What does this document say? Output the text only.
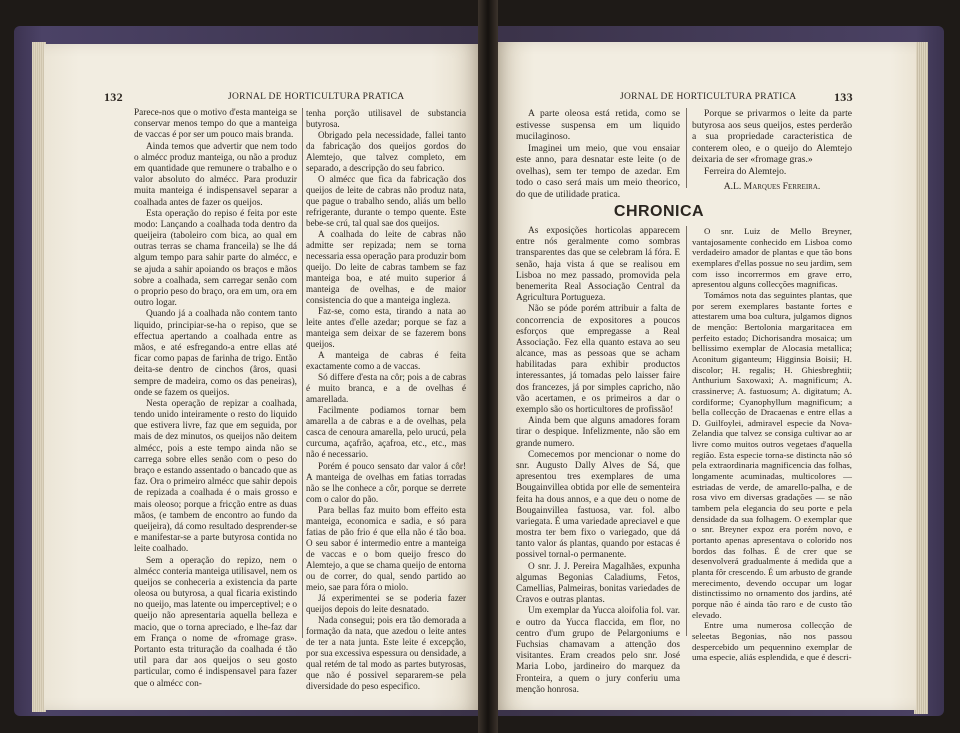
132	JORNAL DE HORTICULTURA PRATICA

Parece-nos que o motivo d'esta manteiga se conservar menos tempo do que a manteiga de vaccas é por ser um pouco mais branda.

Ainda temos que advertir que nem todo o almécc produz manteiga, ou não a produz em quantidade que remunere o trabalho e o valor absoluto do almécc. Para produzir muita manteiga é indispensavel separar a coalhada antes de fazer os queijos.

Esta operação do repiso é feita por este modo: Lançando a coalhada toda dentro da queijeira (taboleiro com bica, ao qual em outras terras se chama franceila) se lhe dá algum tempo para sahir parte do almécc, e se ajuda a sahir apoiando os braços e mãos sobre a coalhada, sem carregar senão com o proprio peso do braço, ora em um, ora em outro logar.

Quando já a coalhada não contem tanto liquido, principiar-se-ha o repiso, que se effectua apertando a coalhada entre as mãos, e até esfregando-a entre ellas até ficar como papas de farinha de trigo. Então deita-se dentro de cinchos (âros, quasi sempre de madeira, como os das peneiras), onde se fazem os queijos.

Nesta operação de repizar a coalhada, tendo unido inteiramente o resto do liquido que estivera livre, faz que em seguida, por mais de dez minutos, os queijos não deitem almécc, pois a este tempo ainda não se carrega sobre elles senão com o peso do braço e estando assentado o bancado que as faz. Ora o primeiro almécc que sahir depois de repizada a coalhada é o mais grosso e mais oleoso; porque a fricção entre as duas mãos, (e tambem de encontro ao fundo da queijeira), dá como resultado desprender-se e manifestar-se a parte butyrosa contida no leite coalhado.

Sem a operação do repizo, nem o almécc conteria manteiga utilisavel, nem os queijos se conheceria a existencia da parte oleosa ou butyrosa, a qual ficaria existindo no queijo, mas latente ou imperceptivel; e o queijo não apresentaria aquella belleza e macio, que o torna apreciado, e lhe-faz dar em França o nome de «fromage gras». Portanto esta trituração da coalhada é tão util para dar aos queijos o seu gosto particular, como é indispensavel para fazer que o almécc con-

tenha porção utilisavel de substancia butyrosa.

Obrigado pela necessidade, fallei tanto da fabricação dos queijos gordos do Alemtejo, que talvez completo, em separado, a descripção do seu fabrico.

O almécc que fica da fabricação dos queijos de leite de cabras não produz nata, que pague o trabalho sendo, aliás um bello refrigerante, durante o tempo quente. Este bebe-se crú, tal qual sae dos queijos.

A coalhada do leite de cabras não admitte ser repizada; nem se torna necessaria essa operação para produzir bom queijo. Do leite de cabras tambem se faz manteiga boa, e até muito superior á manteiga de ovelhas, e de maior consistencia do que a manteiga ingleza.

Faz-se, como esta, tirando a nata ao leite antes d'elle azedar; porque se faz a manteiga sem deixar de se fazerem bons queijos.

A manteiga de cabras é feita exactamente como a de vaccas.

Só differe d'esta na côr; pois a de cabras é muito branca, e a de ovelhas é amarellada.

Facilmente podiamos tornar bem amarella a de cabras e a de ovelhas, pela casca de cenoura amarella, pelo urucú, pela curcuma, açafrão, açafroa, etc., etc., mas não é necessario.

Porém é pouco sensato dar valor á côr! A manteiga de ovelhas em fatias torradas não se lhe conhece a côr, porque se derrete com o calor do pão.

Para bellas faz muito bom effeito esta manteiga, economica e sadia, e só para fatias de pão frio é que ella não é tão boa. O seu sabor é intermedio entre a manteiga de vaccas e o bom queijo fresco do Alemtejo, a que se chama queijo de entorna ou de correr, do qual, sendo partido ao meio, sae para fóra o miolo.

Já experimentei se se poderia fazer queijos depois do leite desnatado.

Nada consegui; pois era tão demorada a formação da nata, que azedou o leite antes de ter a nata junta. Este leite é excepção, por sua excessiva espessura ou densidade, a qual retém de tal modo as partes butyrosas, que não é possivel separarem-se pela diversidade do peso especifico.

JORNAL DE HORTICULTURA PRATICA	133

A parte oleosa está retida, como se estivesse suspensa em um liquido mucilaginoso.

Imaginei um meio, que vou ensaiar este anno, para desnatar este leite (o de ovelhas), sem ter tempo de azedar. Em todo o caso será mais um meio theorico, do que de utilidade pratica.

Porque se privarmos o leite da parte butyrosa aos seus queijos, estes perderão a sua propriedade caracteristica de conterem oleo, e o queijo do Alemtejo deixaria de ser «fromage gras.»

Ferreira do Alemtejo.

A.L. Marques Ferreira.

CHRONICA

As exposições horticolas apparecem entre nós geralmente como sombras transparentes das que se celebram lá fóra. E senão, haja vista á que se realisou em Lisboa no mez passado, promovida pela benemerita Real Associação Central da Agricultura Portugueza.

Não se póde porém attribuir a falta de concorrencia de expositores a poucos esforços que empregasse a Real Associação. Fez ella quanto estava ao seu alcance, mas as pessoas que se acham habilitadas para exhibir productos interessantes, já tomadas pelo laisser faire dos francezes, já por simples capricho, não vão acertamen, e os primeiros a dar o exemplo são os horticultores de profissão!

Ainda bem que alguns amadores foram tirar o despique. Infelizmente, não são em grande numero.

Comecemos por mencionar o nome do snr. Augusto Dally Alves de Sá, que apresentou tres exemplares de uma Bougainvillea obtida por elle de sementeira feita ha dous annos, e a que deu o nome de Bougainvillea fastuosa, var. fol. albo variegata. É uma variedade apreciavel e que mostra ter bem fixo o variegado, que dá tanto valor ás plantas, quando por estacas é possivel tornal-o permanente.

O snr. J. J. Pereira Magalhães, expunha algumas Begonias Caladiums, Fetos, Camellias, Palmeiras, bonitas variedades de Cravos e outras plantas.

Um exemplar da Yucca aloifolia fol. var. e outro da Yucca flaccida, em flor, no centro d'um grupo de Pelargoniums e Fuchsias chamavam a attenção dos visitantes. Eram creados pelo snr. José Maria Lobo, jardineiro do marquez da Fronteira, a quem o jury conferiu uma menção honrosa.

O snr. Luiz de Mello Breyner, vantajosamente conhecido em Lisboa como verdadeiro amador de plantas e que tão bons exemplares d'ellas possue no seu jardim, sem com isso incorrermos em grave erro, apresentou alguns collecções magnificas.

Tomámos nota das seguintes plantas, que por serem exemplares bastante fortes e attestarem uma boa cultura, julgamos dignos de menção: Bertolonia margaritacea em perfeito estado; Dichorisandra mosaica; um bellissimo exemplar de Alocasia metallica; Aconitum giganteum; Higginsia Boisii; H. discolor; H. regalis; H. Ghiesbreghtii; Anthurium Saxowaxi; A. magnificum; A. crassinerve; A. fastuosum; A. digitatum; A. cordiforme; Cyanophyllum magnificum; a bella collecção de Dracaenas e entre ellas a D. Guilfoylei, admiravel especie da Nova-Zelandia que talvez se consiga cultivar ao ar livre como muitos outros vegetaes d'aquella região. Esta especie torna-se distincta não só pela extraordinaria magnificencia das folhas, longamente acuminadas, multicolores — estriadas de verde, de amarello-palha, e de rosa vivo em diversas gradações — se não tambem pela elegancia do seu porte e pela densidade da sua folhagem. O exemplar que o snr. Breyner expoz era porém novo, e portanto apenas apresentava o colorido nos bordos das folhas. É de crer que se desenvolverá gradualmente á medida que a planta fôr crescendo. É um arbusto de grande merecimento, devendo occupar um logar distinctissimo no ornamento dos jardins, até porque não é ainda tão raro e de custo tão elevado.

Entre uma numerosa collecção de seleetas Begonias, não nos passou despercebido um pequennino exemplar de uma especie, aliás esplendida, e que é descri-
